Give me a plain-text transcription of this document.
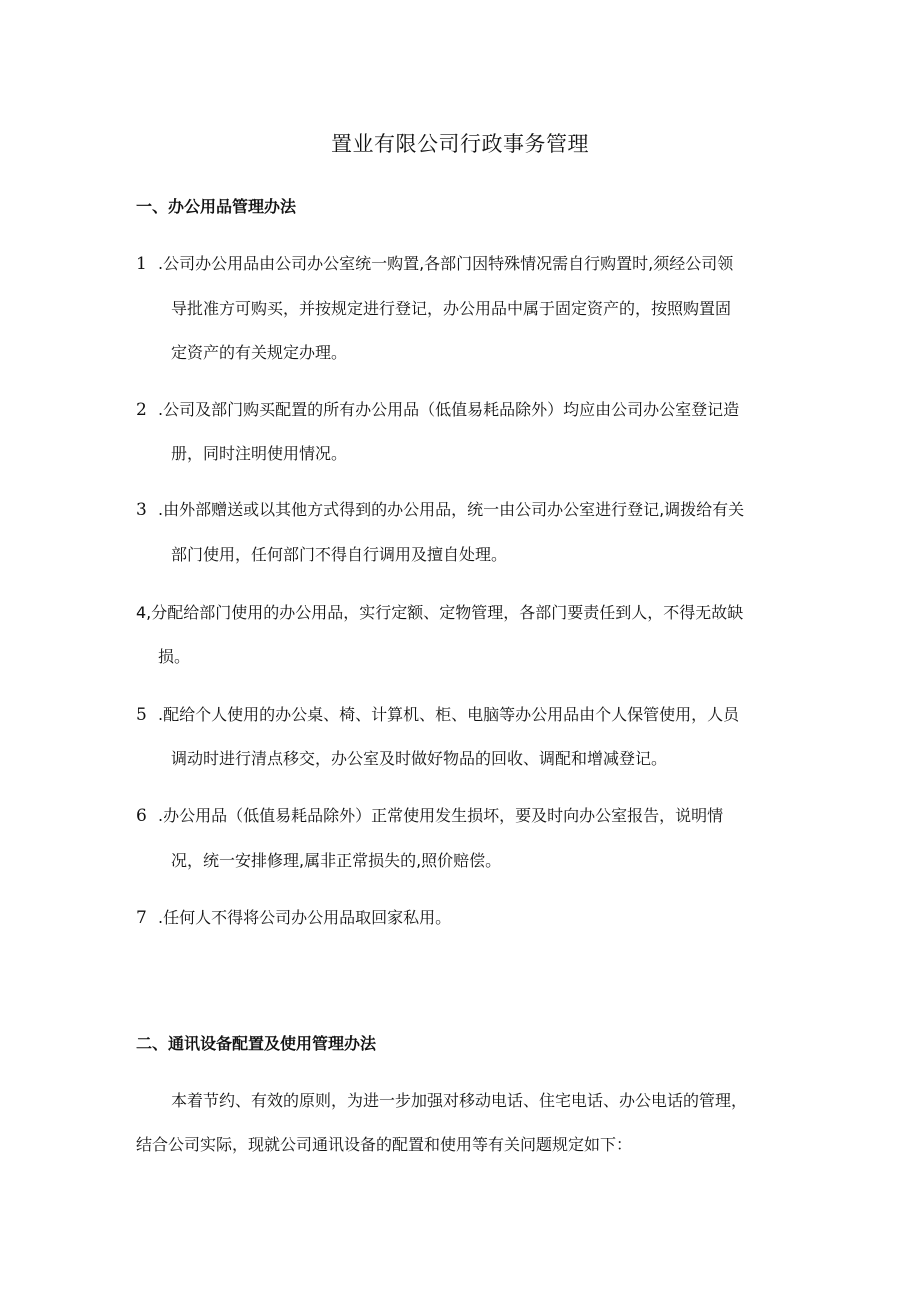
置业有限公司行政事务管理
一、办公用品管理办法
1 .公司办公用品由公司办公室统一购置,各部门因特殊情况需自行购置时,须经公司领
导批准方可购买，并按规定进行登记，办公用品中属于固定资产的，按照购置固
定资产的有关规定办理。
2 .公司及部门购买配置的所有办公用品（低值易耗品除外）均应由公司办公室登记造
册，同时注明使用情况。
3 .由外部赠送或以其他方式得到的办公用品，统一由公司办公室进行登记,调拨给有关
部门使用，任何部门不得自行调用及擅自处理。
4,分配给部门使用的办公用品，实行定额、定物管理，各部门要责任到人，不得无故缺
损。
5 .配给个人使用的办公桌、椅、计算机、柜、电脑等办公用品由个人保管使用，人员
调动时进行清点移交，办公室及时做好物品的回收、调配和增减登记。
6 .办公用品（低值易耗品除外）正常使用发生损坏，要及时向办公室报告，说明情
况，统一安排修理,属非正常损失的,照价赔偿。
7 .任何人不得将公司办公用品取回家私用。
二、通讯设备配置及使用管理办法
本着节约、有效的原则，为进一步加强对移动电话、住宅电话、办公电话的管理，
结合公司实际，现就公司通讯设备的配置和使用等有关问题规定如下：
